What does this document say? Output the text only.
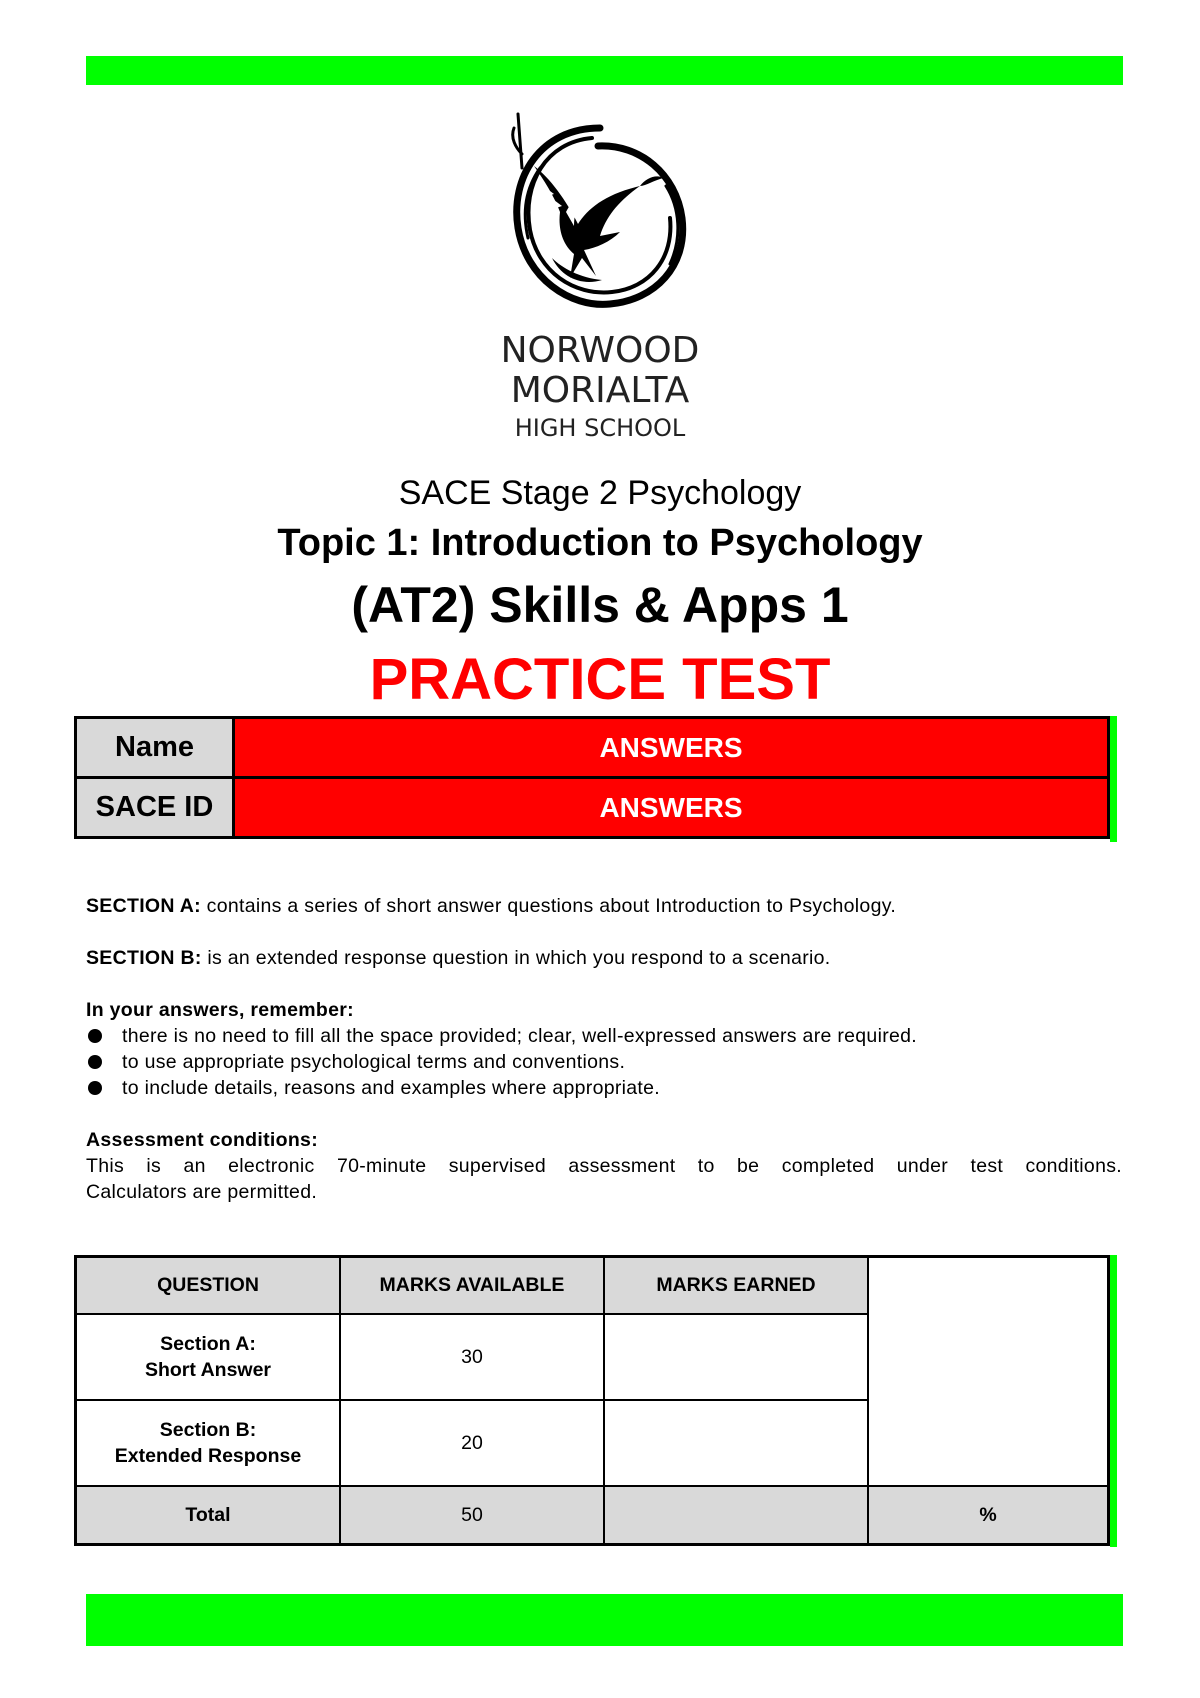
NORWOOD
MORIALTA
HIGH SCHOOL
SACE Stage 2 Psychology
Topic 1: Introduction to Psychology
(AT2) Skills & Apps 1
PRACTICE TEST
Name	ANSWERS
SACE ID	ANSWERS

SECTION A: contains a series of short answer questions about Introduction to Psychology.

SECTION B: is an extended response question in which you respond to a scenario.

In your answers, remember:

there is no need to fill all the space provided; clear, well-expressed answers are required.
to use appropriate psychological terms and conventions.
to include details, reasons and examples where appropriate.

Assessment conditions:

This is an electronic 70-minute supervised assessment to be completed under test conditions.

Calculators are permitted.

QUESTION	MARKS AVAILABLE	MARKS EARNED	
Section A:
Short Answer	30		
Section B:
Extended Response	20		
Total	50		%
